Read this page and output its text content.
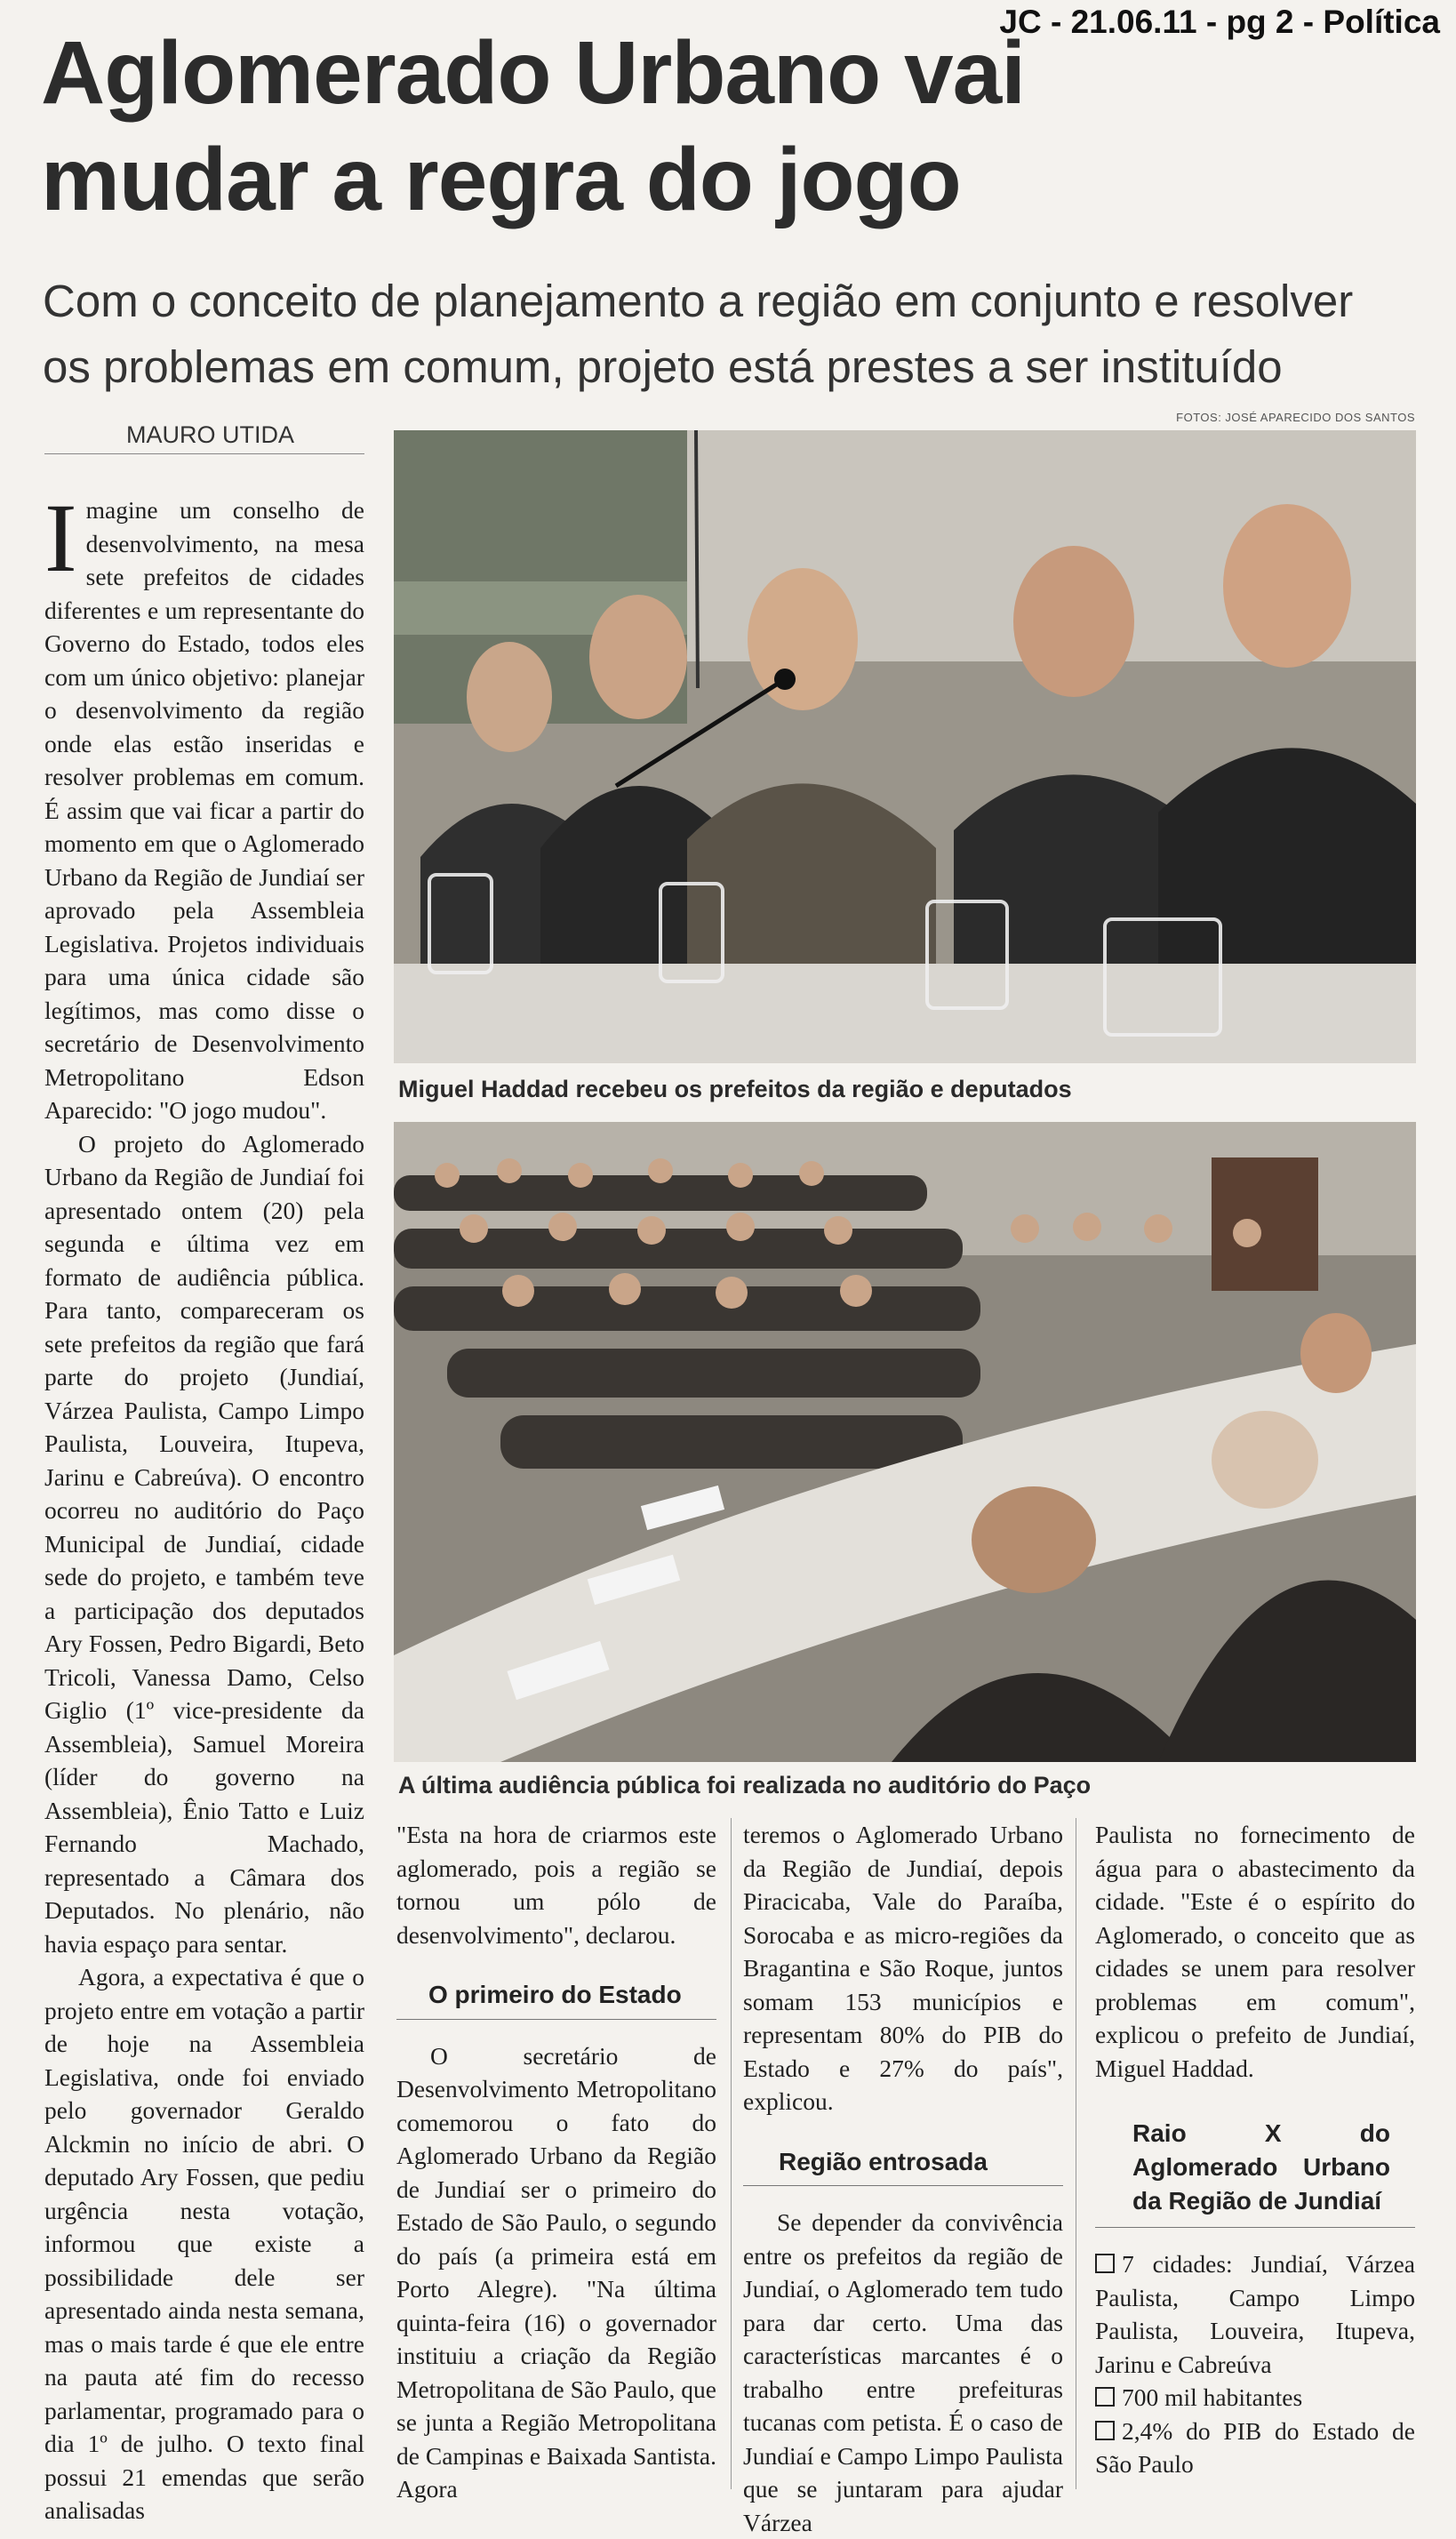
JC - 21.06.11 - pg 2 - Política
Aglomerado Urbano vai mudar a regra do jogo
Com o conceito de planejamento a região em conjunto e resolver os problemas em comum, projeto está prestes a ser instituído
FOTOS: JOSÉ APARECIDO DOS SANTOS
MAURO UTIDA

Imagine um conselho de desenvolvimento, na mesa sete prefeitos de cidades diferentes e um representante do Governo do Estado, todos eles com um único objetivo: planejar o desenvolvimento da região onde elas estão inseridas e resolver problemas em comum. É assim que vai ficar a partir do momento em que o Aglomerado Urbano da Região de Jundiaí ser aprovado pela Assembleia Legislativa. Projetos individuais para uma única cidade são legítimos, mas como disse o secretário de Desenvolvimento Metropolitano Edson Aparecido: "O jogo mudou".

O projeto do Aglomerado Urbano da Região de Jundiaí foi apresentado ontem (20) pela segunda e última vez em formato de audiência pública. Para tanto, compareceram os sete prefeitos da região que fará parte do projeto (Jundiaí, Várzea Paulista, Campo Limpo Paulista, Louveira, Itupeva, Jarinu e Cabreúva). O encontro ocorreu no auditório do Paço Municipal de Jundiaí, cidade sede do projeto, e também teve a participação dos deputados Ary Fossen, Pedro Bigardi, Beto Tricoli, Vanessa Damo, Celso Giglio (1º vice-presidente da Assembleia), Samuel Moreira (líder do governo na Assembleia), Ênio Tatto e Luiz Fernando Machado, representado a Câmara dos Deputados. No plenário, não havia espaço para sentar.

Agora, a expectativa é que o projeto entre em votação a partir de hoje na Assembleia Legislativa, onde foi enviado pelo governador Geraldo Alckmin no início de abri. O deputado Ary Fossen, que pediu urgência nesta votação, informou que existe a possibilidade dele ser apresentado ainda nesta semana, mas o mais tarde é que ele entre na pauta até fim do recesso parlamentar, programado para o dia 1º de julho. O texto final possui 21 emendas que serão analisadas

Miguel Haddad recebeu os prefeitos da região e deputados
A última audiência pública foi realizada no auditório do Paço

"Esta na hora de criarmos este aglomerado, pois a região se tornou um pólo de desenvolvimento", declarou.

O primeiro do Estado

O secretário de Desenvolvimento Metropolitano comemorou o fato do Aglomerado Urbano da Região de Jundiaí ser o primeiro do Estado de São Paulo, o segundo do país (a primeira está em Porto Alegre). "Na última quinta-feira (16) o governador instituiu a criação da Região Metropolitana de São Paulo, que se junta a Região Metropolitana de Campinas e Baixada Santista. Agora

teremos o Aglomerado Urbano da Região de Jundiaí, depois Piracicaba, Vale do Paraíba, Sorocaba e as micro-regiões da Bragantina e São Roque, juntos somam 153 municípios e representam 80% do PIB do Estado e 27% do país", explicou.

Região entrosada

Se depender da convivência entre os prefeitos da região de Jundiaí, o Aglomerado tem tudo para dar certo. Uma das características marcantes é o trabalho entre prefeituras tucanas com petista. É o caso de Jundiaí e Campo Limpo Paulista que se juntaram para ajudar Várzea

Paulista no fornecimento de água para o abastecimento da cidade. "Este é o espírito do Aglomerado, o conceito que as cidades se unem para resolver problemas em comum", explicou o prefeito de Jundiaí, Miguel Haddad.

Raio X do Aglomerado Urbano da Região de Jundiaí
7 cidades: Jundiaí, Várzea Paulista, Campo Limpo Paulista, Louveira, Itupeva, Jarinu e Cabreúva
700 mil habitantes
2,4% do PIB do Estado de São Paulo
